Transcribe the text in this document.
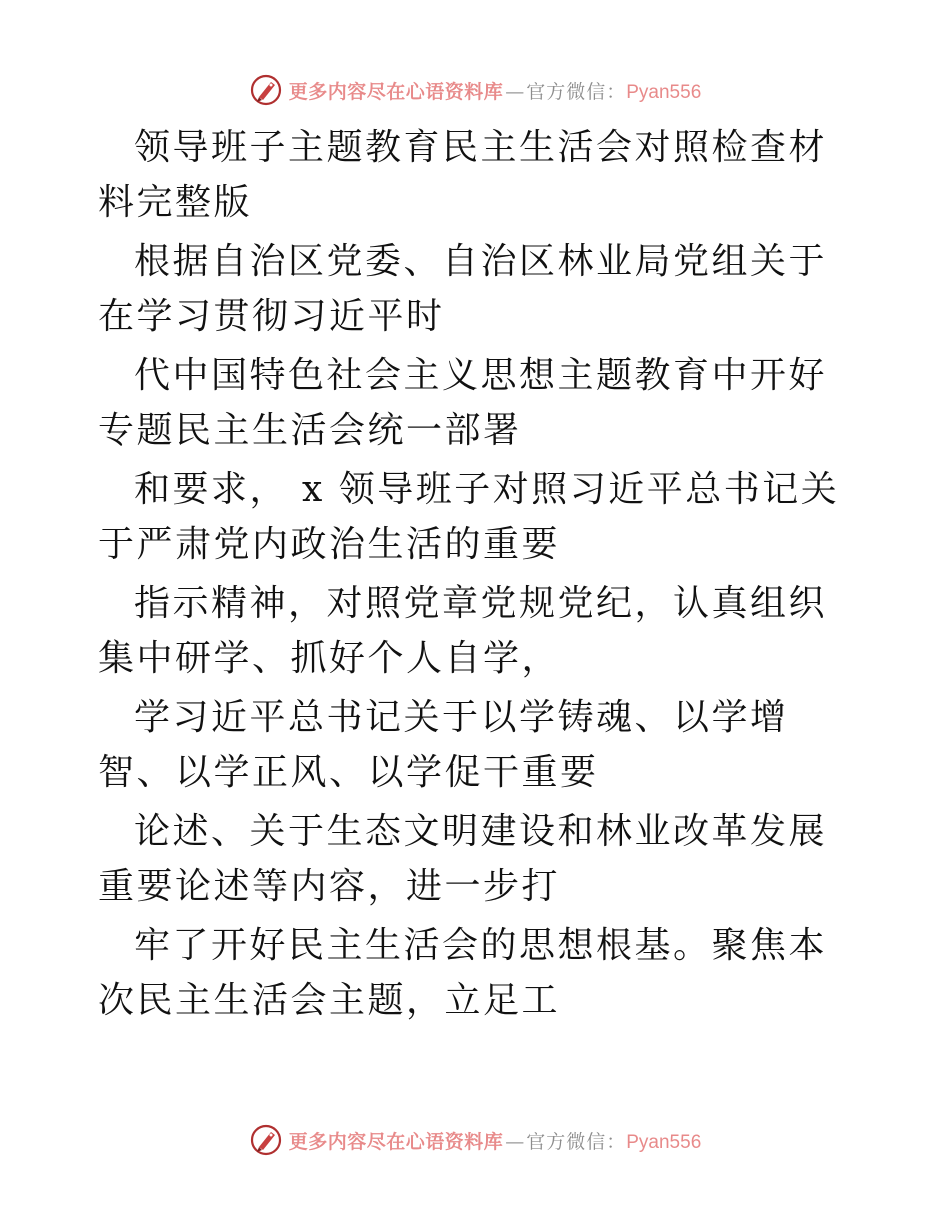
更多内容尽在心语资料库 — 官方微信： Pyan556

领导班子主题教育民主生活会对照检查材料完整版

根据自治区党委、自治区林业局党组关于在学习贯彻习近平时

代中国特色社会主义思想主题教育中开好专题民主生活会统一部署

和要求， x 领导班子对照习近平总书记关于严肃党内政治生活的重要

指示精神，对照党章党规党纪，认真组织集中研学、抓好个人自学，

学习近平总书记关于以学铸魂、以学增智、以学正风、以学促干重要

论述、关于生态文明建设和林业改革发展重要论述等内容，进一步打

牢了开好民主生活会的思想根基。聚焦本次民主生活会主题，立足工

更多内容尽在心语资料库 — 官方微信： Pyan556
